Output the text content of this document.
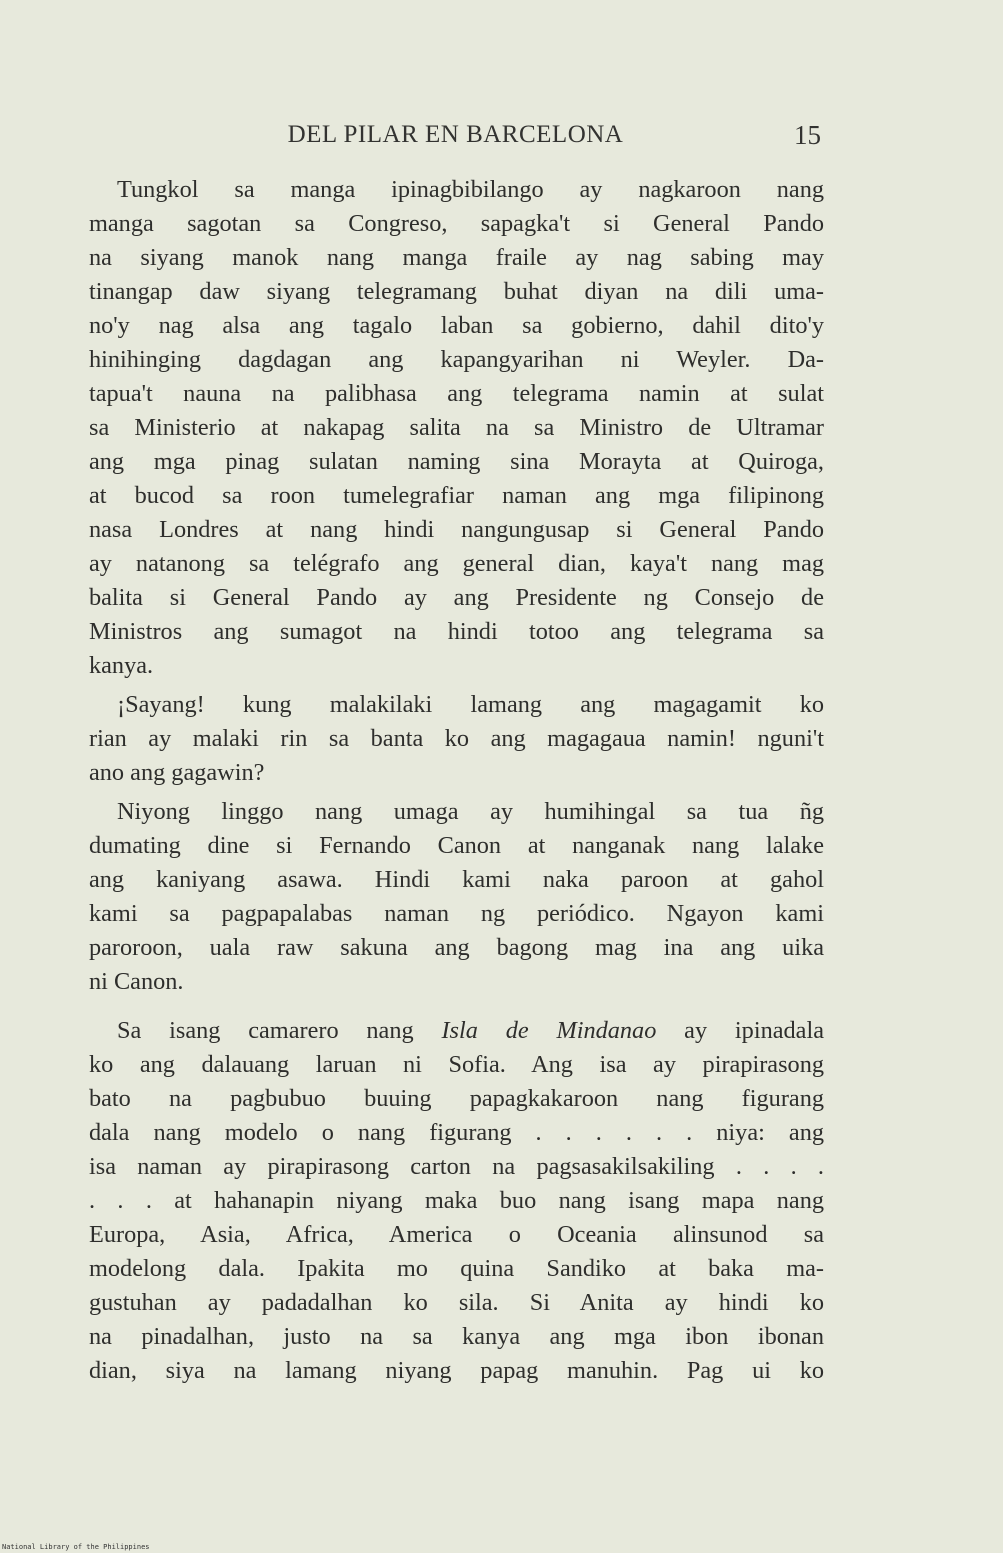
DEL PILAR EN BARCELONA	15
Tungkol sa manga ipinagbibilango ay nagkaroon nang
manga sagotan sa Congreso, sapagka't si General Pando
na siyang manok nang manga fraile ay nag sabing may
tinangap daw siyang telegramang buhat diyan na dili uma-
no'y nag alsa ang tagalo laban sa gobierno, dahil dito'y
hinihinging dagdagan ang kapangyarihan ni Weyler. Da-
tapua't nauna na palibhasa ang telegrama namin at sulat
sa Ministerio at nakapag salita na sa Ministro de Ultramar
ang mga pinag sulatan naming sina Morayta at Quiroga,
at bucod sa roon tumelegrafiar naman ang mga filipinong
nasa Londres at nang hindi nangungusap si General Pando
ay natanong sa telégrafo ang general dian, kaya't nang mag
balita si General Pando ay ang Presidente ng Consejo de
Ministros ang sumagot na hindi totoo ang telegrama sa
kanya.
¡Sayang! kung malakilaki lamang ang magagamit ko
rian ay malaki rin sa banta ko ang magagaua namin! nguni't
ano ang gagawin?
Niyong linggo nang umaga ay humihingal sa tua ñg
dumating dine si Fernando Canon at nanganak nang lalake
ang kaniyang asawa. Hindi kami naka paroon at gahol
kami sa pagpapalabas naman ng periódico. Ngayon kami
paroroon, uala raw sakuna ang bagong mag ina ang uika
ni Canon.
Sa isang camarero nang Isla de Mindanao ay ipinadala
ko ang dalauang laruan ni Sofia. Ang isa ay pirapirasong
bato na pagbubuo buuing papagkakaroon nang figurang
dala nang modelo o nang figurang . . . . . . niya: ang
isa naman ay pirapirasong carton na pagsasakilsakiling . . . .
. . . at hahanapin niyang maka buo nang isang mapa nang
Europa, Asia, Africa, America o Oceania alinsunod sa
modelong dala. Ipakita mo quina Sandiko at baka ma-
gustuhan ay padadalhan ko sila. Si Anita ay hindi ko
na pinadalhan, justo na sa kanya ang mga ibon ibonan
dian, siya na lamang niyang papag manuhin. Pag ui ko
National Library of the Philippines
